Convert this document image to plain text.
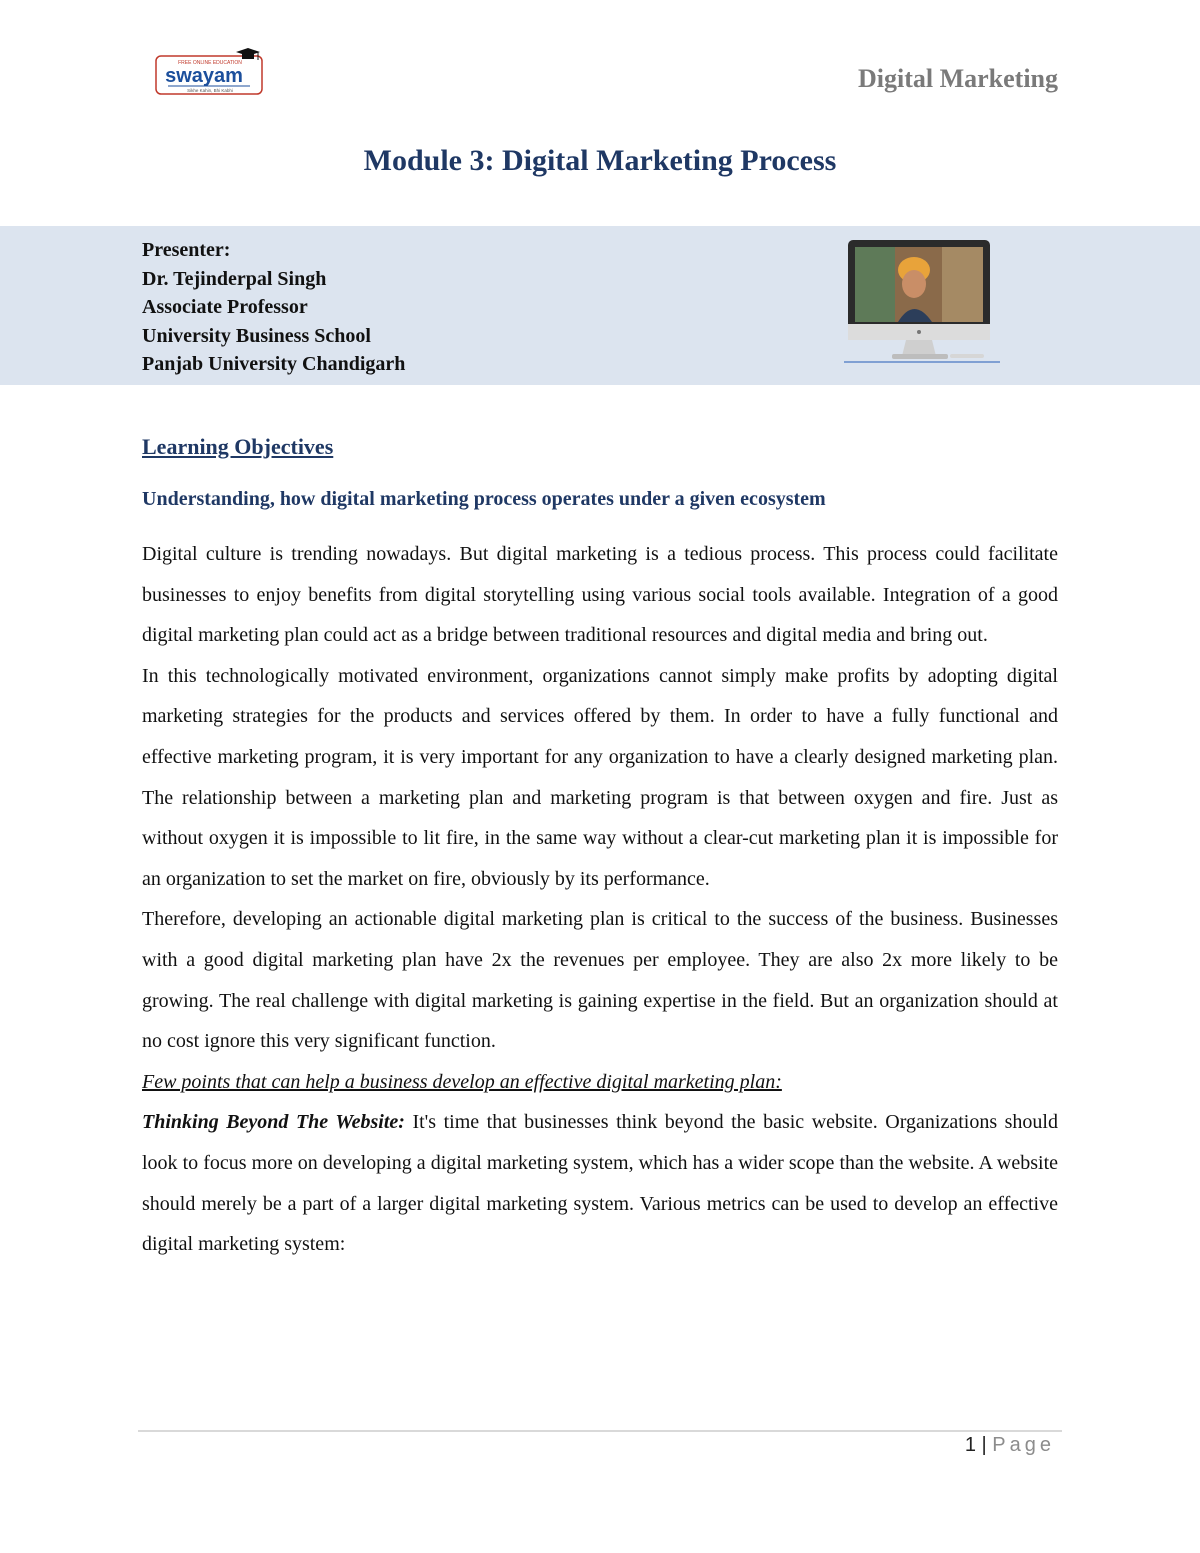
FREE ONLINE EDUCATION
swayam
Sikhe Kahin, Bhi Kabhi	Digital Marketing
Module 3: Digital Marketing Process
Presenter:
Dr. Tejinderpal Singh
Associate Professor
University Business School
Panjab University Chandigarh
Learning Objectives
Understanding, how digital marketing process operates under a given ecosystem

Digital culture is trending nowadays. But digital marketing is a tedious process. This process could facilitate businesses to enjoy benefits from digital storytelling using various social tools available. Integration of a good digital marketing plan could act as a bridge between traditional resources and digital media and bring out.

In this technologically motivated environment, organizations cannot simply make profits by adopting digital marketing strategies for the products and services offered by them. In order to have a fully functional and effective marketing program, it is very important for any organization to have a clearly designed marketing plan. The relationship between a marketing plan and marketing program is that between oxygen and fire. Just as without oxygen it is impossible to lit fire, in the same way without a clear-cut marketing plan it is impossible for an organization to set the market on fire, obviously by its performance.

Therefore, developing an actionable digital marketing plan is critical to the success of the business. Businesses with a good digital marketing plan have 2x the revenues per employee. They are also 2x more likely to be growing. The real challenge with digital marketing is gaining expertise in the field. But an organization should at no cost ignore this very significant function.

Few points that can help a business develop an effective digital marketing plan:

Thinking Beyond The Website: It's time that businesses think beyond the basic website. Organizations should look to focus more on developing a digital marketing system, which has a wider scope than the website. A website should merely be a part of a larger digital marketing system. Various metrics can be used to develop an effective digital marketing system:

1 | Page
